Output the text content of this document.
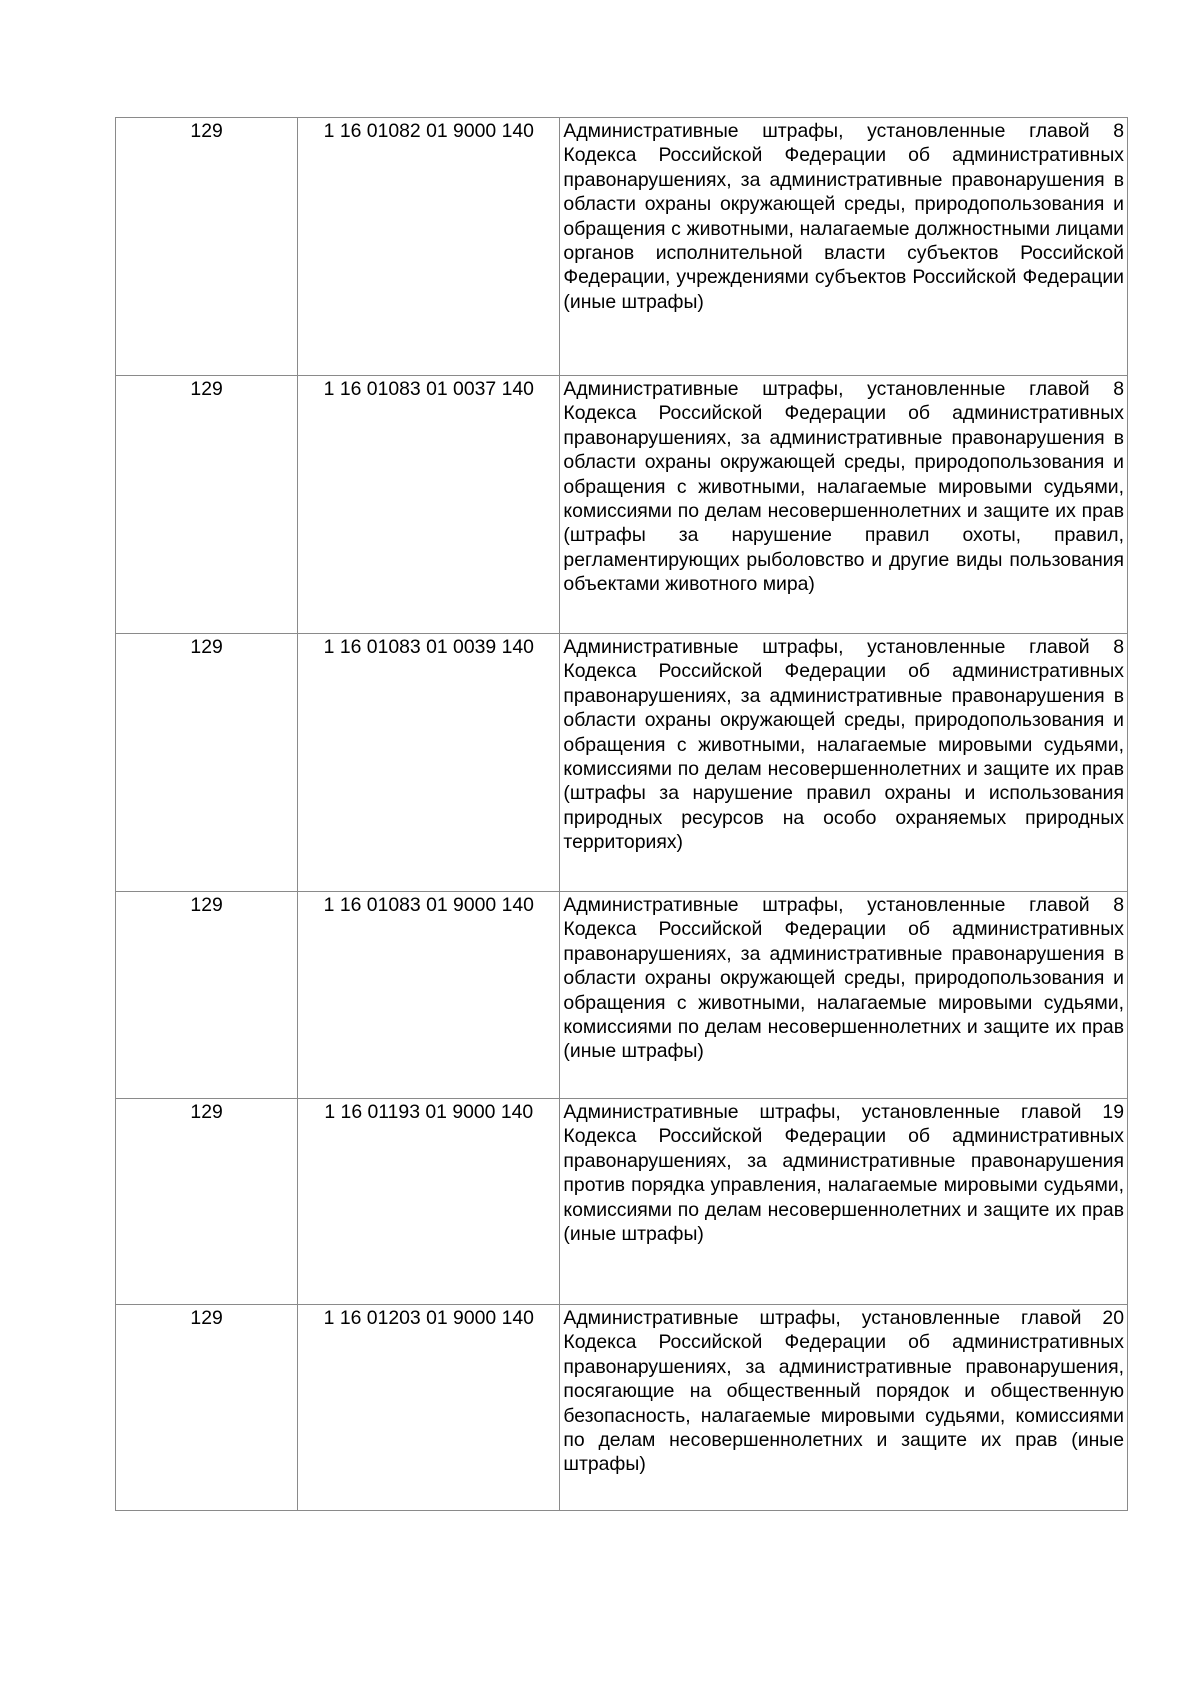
129	1 16 01082 01 9000 140	Административные штрафы, установленные главой 8 Кодекса Российской Федерации об административных правонарушениях, за административные правонарушения в области охраны окружающей среды, природопользования и обращения с животными, налагаемые должностными лицами органов исполнительной власти субъектов Российской Федерации, учреждениями субъектов Российской Федерации (иные штрафы)
129	1 16 01083 01 0037 140	Административные штрафы, установленные главой 8 Кодекса Российской Федерации об административных правонарушениях, за административные правонарушения в области охраны окружающей среды, природопользования и обращения с животными, налагаемые мировыми судьями, комиссиями по делам несовершеннолетних и защите их прав (штрафы за нарушение правил охоты, правил, регламентирующих рыболовство и другие виды пользования объектами животного мира)
129	1 16 01083 01 0039 140	Административные штрафы, установленные главой 8 Кодекса Российской Федерации об административных правонарушениях, за административные правонарушения в области охраны окружающей среды, природопользования и обращения с животными, налагаемые мировыми судьями, комиссиями по делам несовершеннолетних и защите их прав (штрафы за нарушение правил охраны и использования природных ресурсов на особо охраняемых природных территориях)
129	1 16 01083 01 9000 140	Административные штрафы, установленные главой 8 Кодекса Российской Федерации об административных правонарушениях, за административные правонарушения в области охраны окружающей среды, природопользования и обращения с животными, налагаемые мировыми судьями, комиссиями по делам несовершеннолетних и защите их прав (иные штрафы)
129	1 16 01193 01 9000 140	Административные штрафы, установленные главой 19 Кодекса Российской Федерации об административных правонарушениях, за административные правонарушения против порядка управления, налагаемые мировыми судьями, комиссиями по делам несовершеннолетних и защите их прав (иные штрафы)
129	1 16 01203 01 9000 140	Административные штрафы, установленные главой 20 Кодекса Российской Федерации об административных правонарушениях, за административные правонарушения, посягающие на общественный порядок и общественную безопасность, налагаемые мировыми судьями, комиссиями по делам несовершеннолетних и защите их прав (иные штрафы)
